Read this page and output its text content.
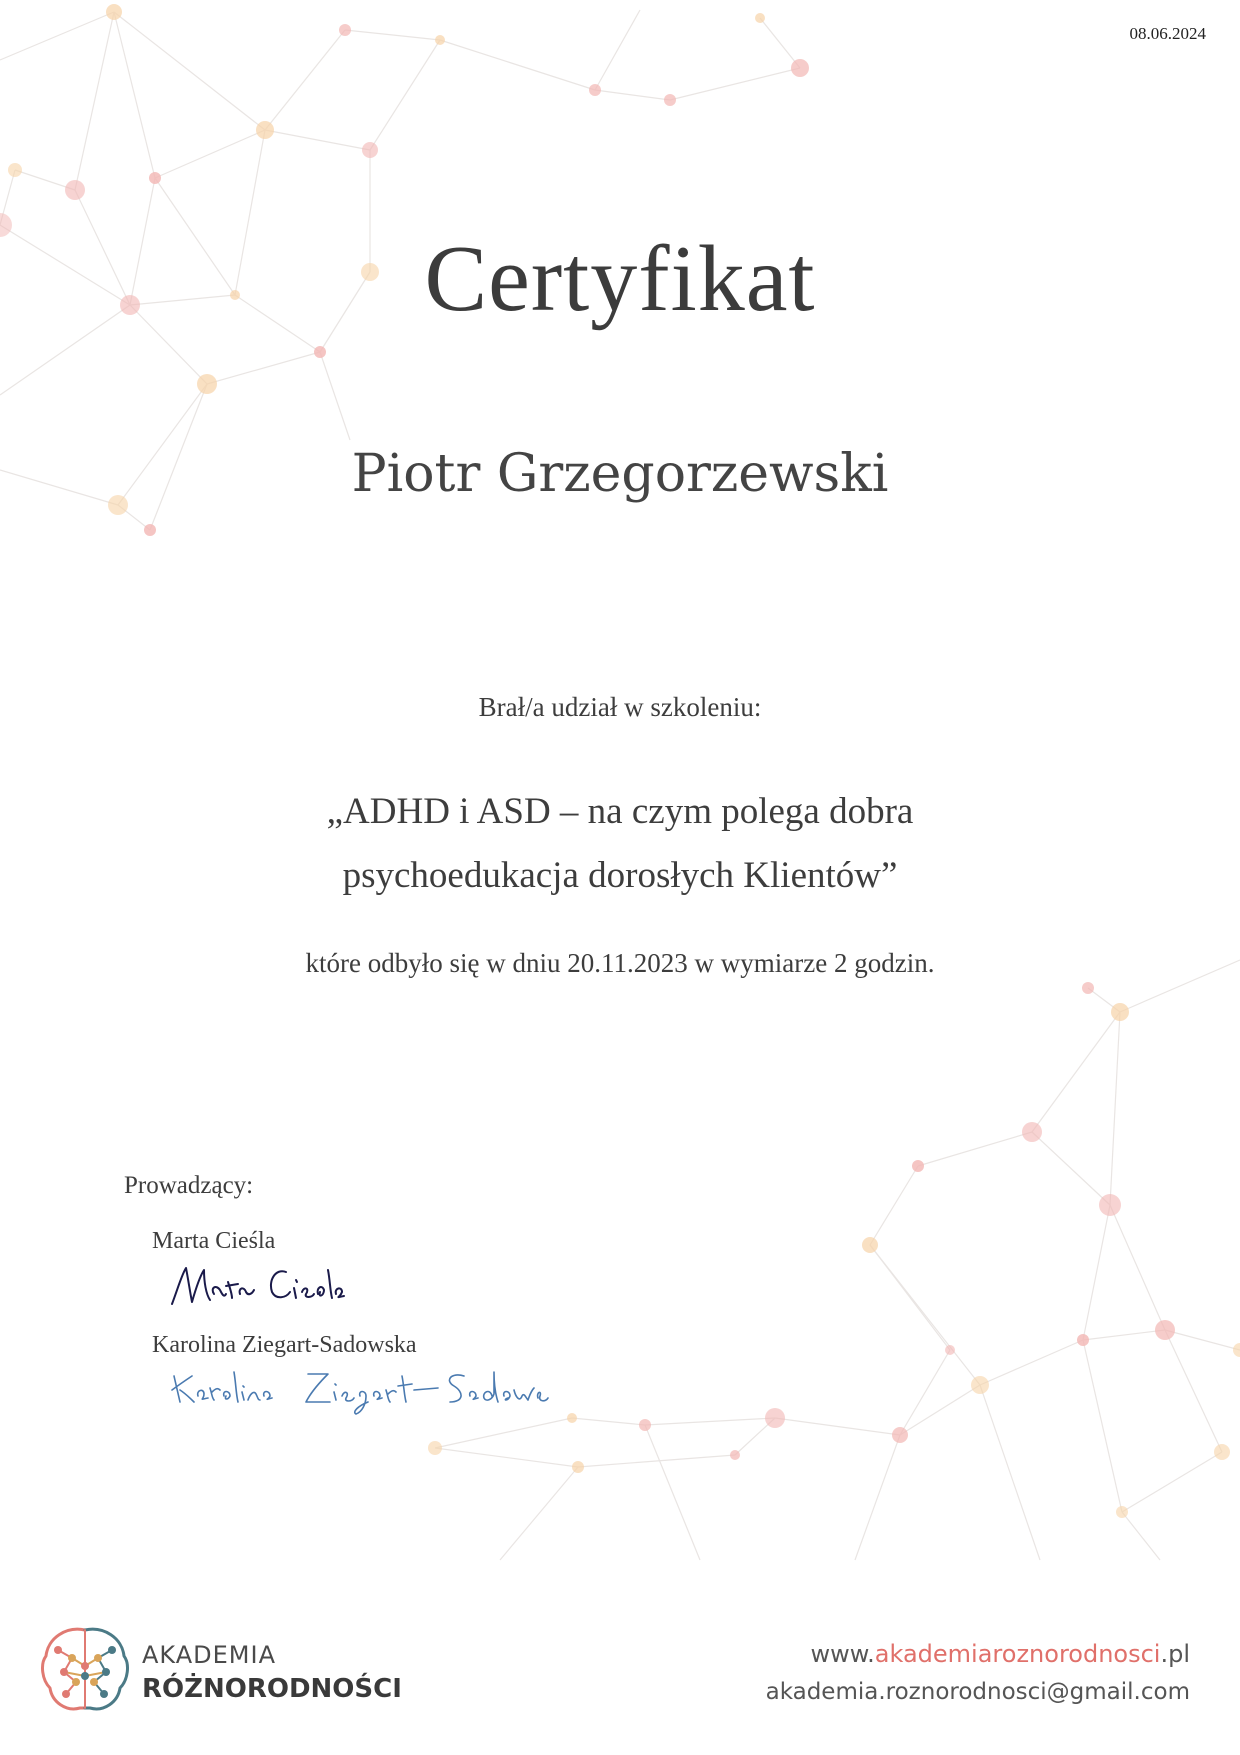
08.06.2024
Certyfikat
Piotr Grzegorzewski
Brał/a udział w szkoleniu:
„ADHD i ASD – na czym polega dobra
psychoedukacja dorosłych Klientów”
które odbyło się w dniu 20.11.2023 w wymiarze 2 godzin.
Prowadzący:
Marta Cieśla
Karolina Ziegart-Sadowska
AKADEMIA
RÓŻNORODNOŚCI
www.akademiaroznorodnosci.pl
akademia.roznorodnosci@gmail.com
